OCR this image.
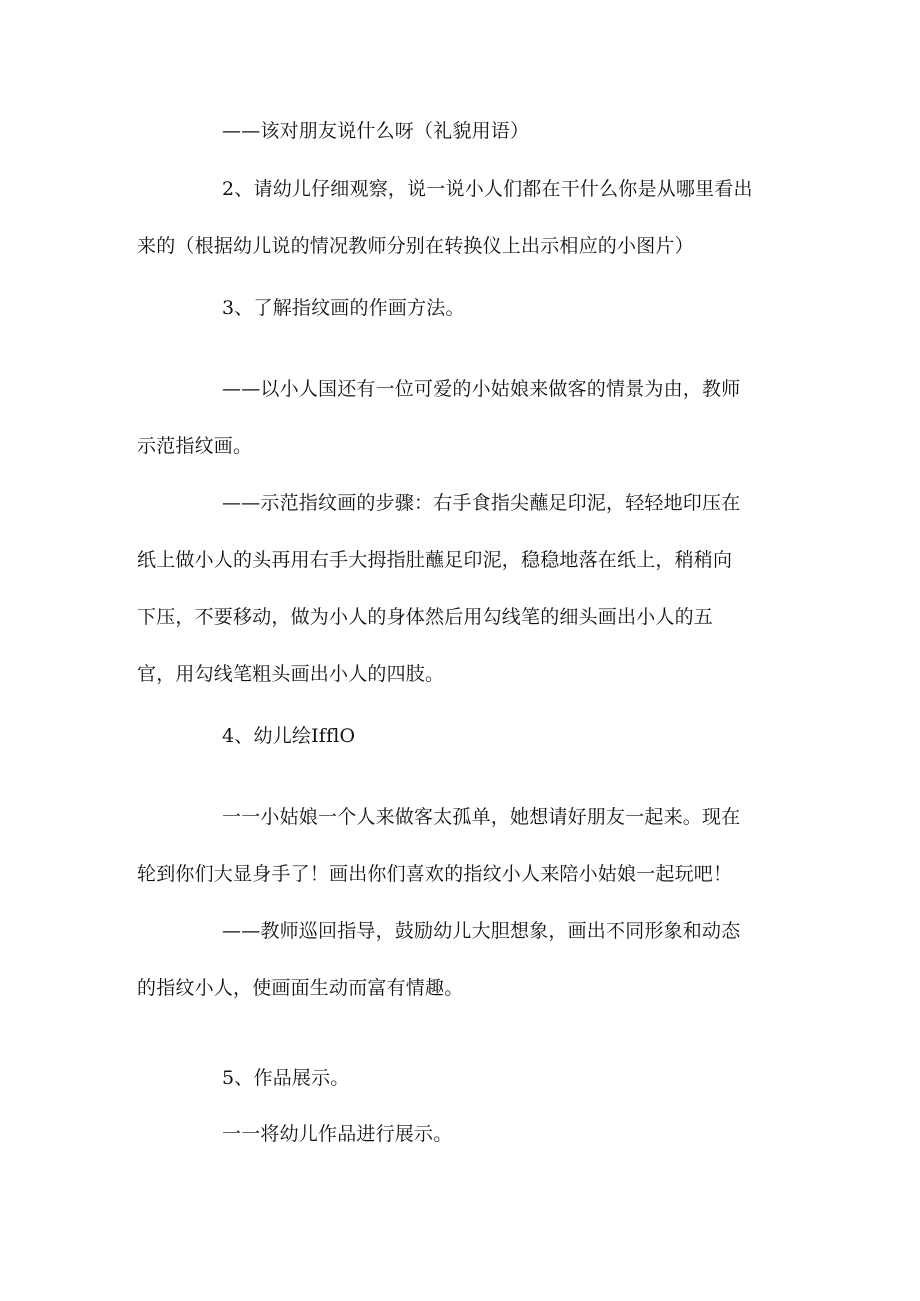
——该对朋友说什么呀（礼貌用语）
2、请幼儿仔细观察，说一说小人们都在干什么你是从哪里看出
来的（根据幼儿说的情况教师分别在转换仪上出示相应的小图片）
3、了解指纹画的作画方法。
——以小人国还有一位可爱的小姑娘来做客的情景为由，教师
示范指纹画。
——示范指纹画的步骤：右手食指尖蘸足印泥，轻轻地印压在
纸上做小人的头再用右手大拇指肚蘸足印泥，稳稳地落在纸上，稍稍向
下压，不要移动，做为小人的身体然后用勾线笔的细头画出小人的五
官，用勾线笔粗头画出小人的四肢。
4、幼儿绘IfflO
一一小姑娘一个人来做客太孤单，她想请好朋友一起来。现在
轮到你们大显身手了！画出你们喜欢的指纹小人来陪小姑娘一起玩吧！
——教师巡回指导，鼓励幼儿大胆想象，画出不同形象和动态
的指纹小人，使画面生动而富有情趣。
5、作品展示。
一一将幼儿作品进行展示。
